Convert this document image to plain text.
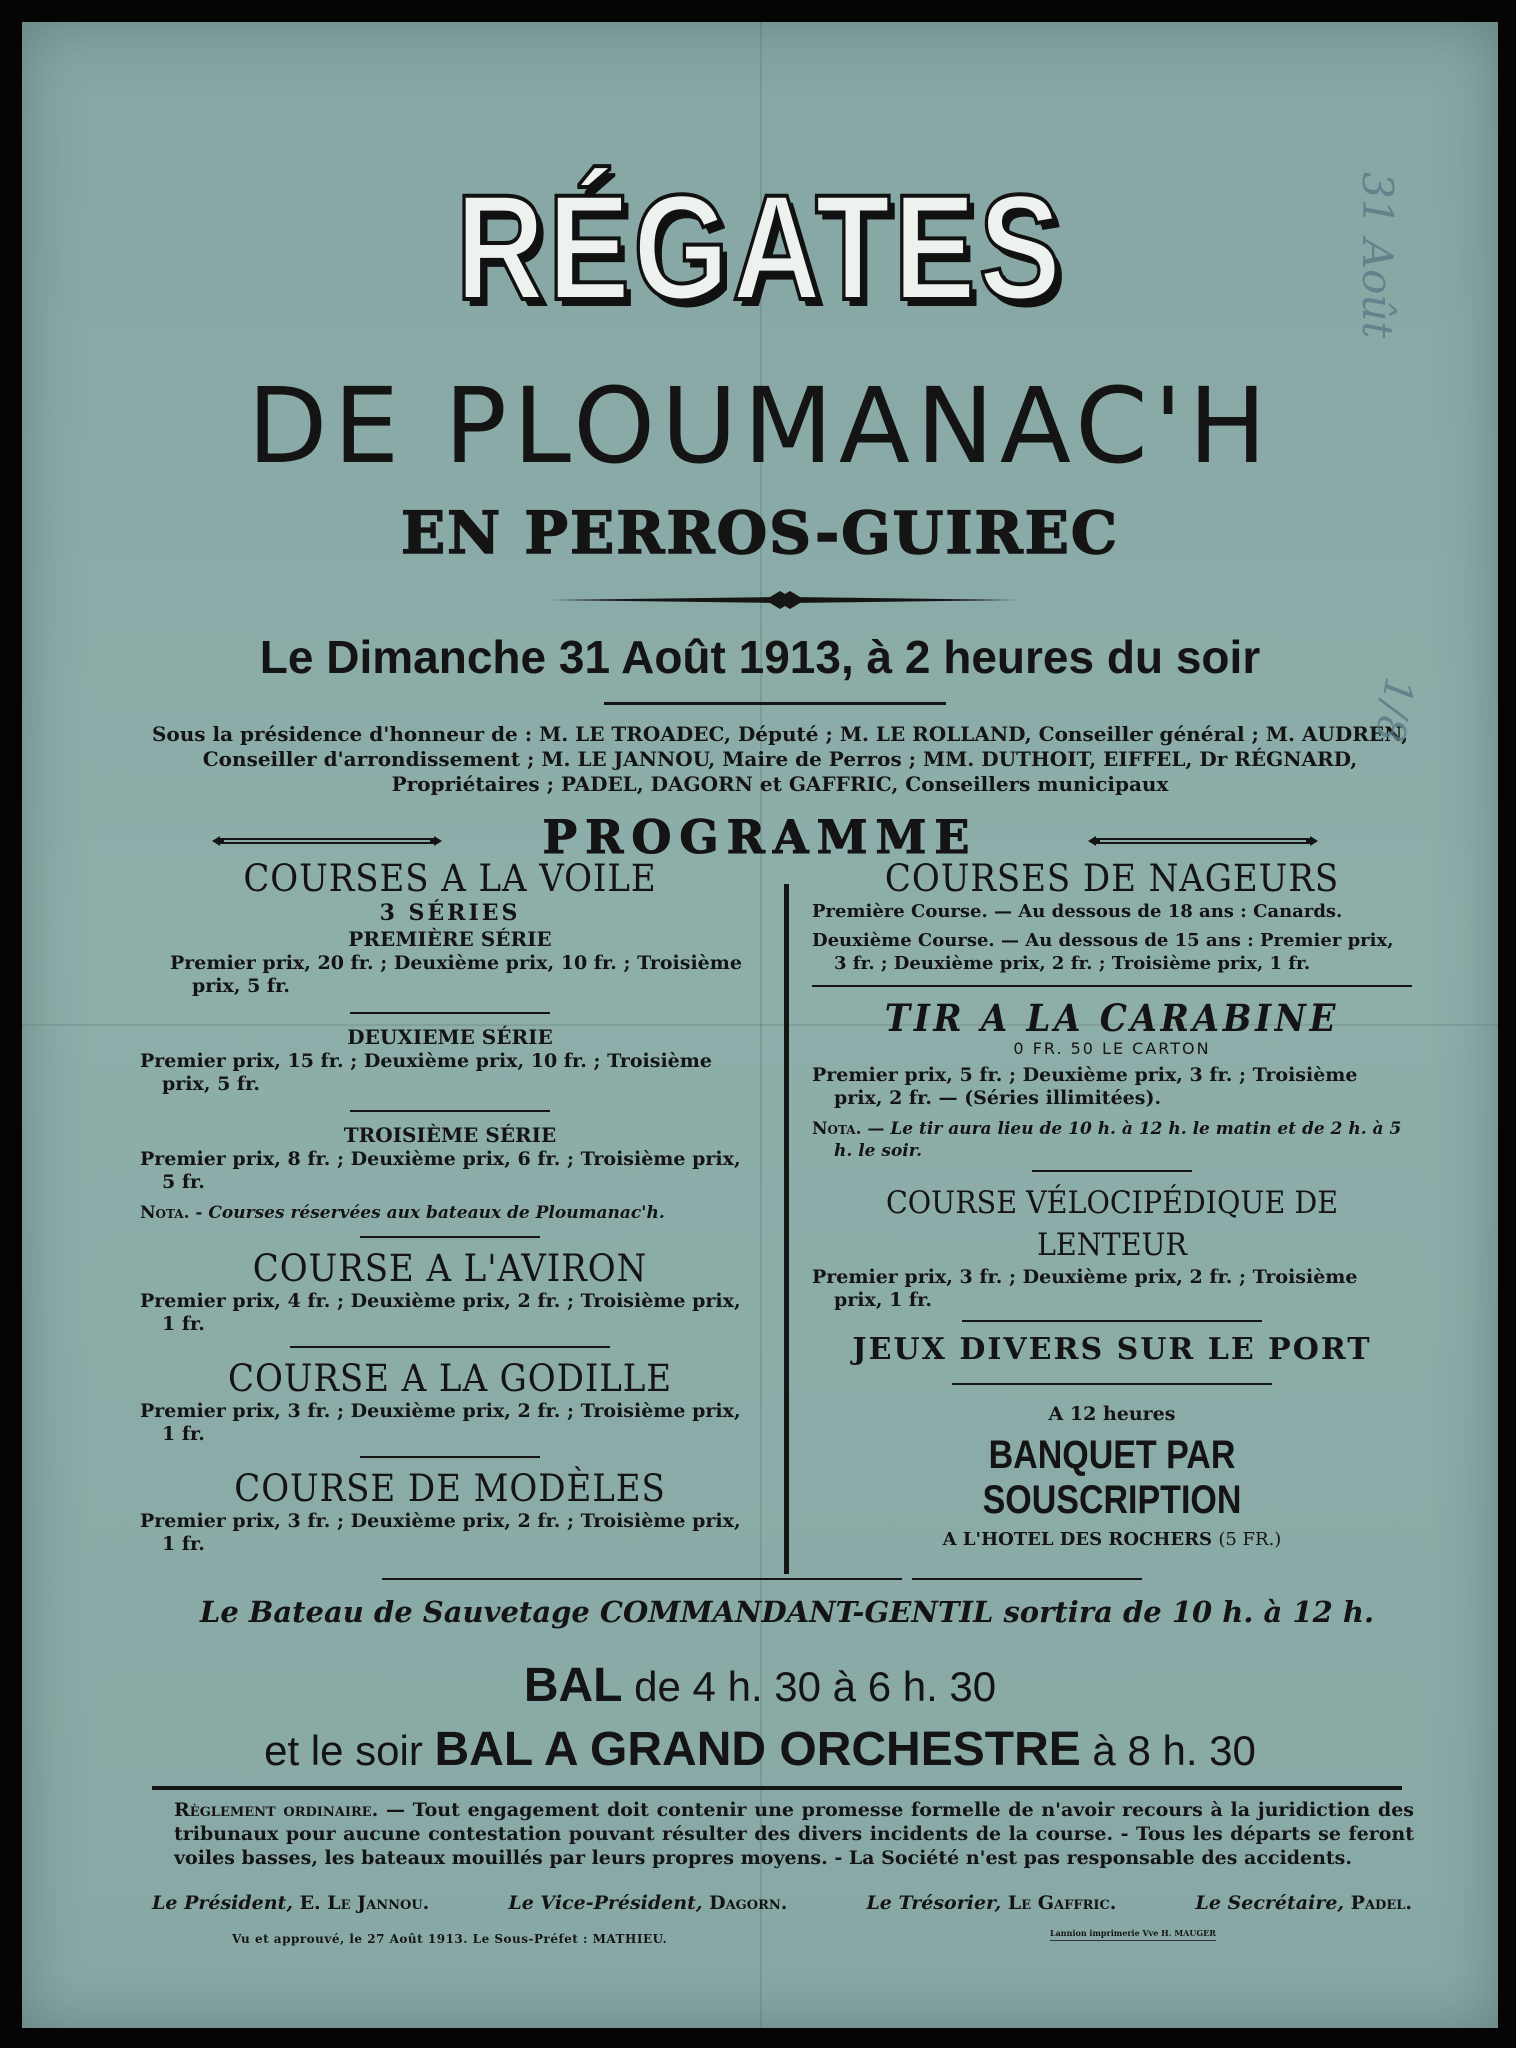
RÉGATES
DE PLOUMANAC'H
EN PERROS-GUIREC
Le Dimanche 31 Août 1913, à 2 heures du soir
Sous la présidence d'honneur de : M. LE TROADEC, Député ; M. LE ROLLAND, Conseiller général ; M. AUDREN, Conseiller d'arrondissement ; M. LE JANNOU, Maire de Perros ; MM. DUTHOIT, EIFFEL, Dr RÉGNARD, Propriétaires ; PADEL, DAGORN et GAFFRIC, Conseillers municipaux
PROGRAMME
COURSES A LA VOILE
3 SÉRIES
PREMIÈRE SÉRIE
Premier prix, 20 fr. ; Deuxième prix, 10 fr. ; Troisième prix, 5 fr.
DEUXIEME SÉRIE
Premier prix, 15 fr. ; Deuxième prix, 10 fr. ; Troisième prix, 5 fr.
TROISIÈME SÉRIE
Premier prix, 8 fr. ; Deuxième prix, 6 fr. ; Troisième prix, 5 fr.
Nota. - Courses réservées aux bateaux de Ploumanac'h.
COURSE A L'AVIRON
Premier prix, 4 fr. ; Deuxième prix, 2 fr. ; Troisième prix, 1 fr.
COURSE A LA GODILLE
Premier prix, 3 fr. ; Deuxième prix, 2 fr. ; Troisième prix, 1 fr.
COURSE DE MODÈLES
Premier prix, 3 fr. ; Deuxième prix, 2 fr. ; Troisième prix, 1 fr.
COURSES DE NAGEURS
Première Course. — Au dessous de 18 ans : Canards.
Deuxième Course. — Au dessous de 15 ans : Premier prix, 3 fr. ; Deuxième prix, 2 fr. ; Troisième prix, 1 fr.
TIR A LA CARABINE
0 FR. 50 LE CARTON
Premier prix, 5 fr. ; Deuxième prix, 3 fr. ; Troisième prix, 2 fr. — (Séries illimitées).
Nota. — Le tir aura lieu de 10 h. à 12 h. le matin et de 2 h. à 5 h. le soir.
COURSE VÉLOCIPÉDIQUE DE LENTEUR
Premier prix, 3 fr. ; Deuxième prix, 2 fr. ; Troisième prix, 1 fr.
JEUX DIVERS SUR LE PORT
A 12 heures
BANQUET PAR SOUSCRIPTION
A L'HOTEL DES ROCHERS (5 FR.)
Le Bateau de Sauvetage COMMANDANT-GENTIL sortira de 10 h. à 12 h.
BAL de 4 h. 30 à 6 h. 30
et le soir BAL A GRAND ORCHESTRE à 8 h. 30
Règlement ordinaire. — Tout engagement doit contenir une promesse formelle de n'avoir recours à la juridiction des tribunaux pour aucune contestation pouvant résulter des divers incidents de la course. - Tous les départs se feront voiles basses, les bateaux mouillés par leurs propres moyens. - La Société n'est pas responsable des accidents.
Le Président, E. Le Jannou.	Le Vice-Président, Dagorn.	Le Trésorier, Le Gaffric.	Le Secrétaire, Padel.
Vu et approuvé, le 27 Août 1913. Le Sous-Préfet : MATHIEU.	Lannion imprimerie Vve H. MAUGER
31 Août
1/8
